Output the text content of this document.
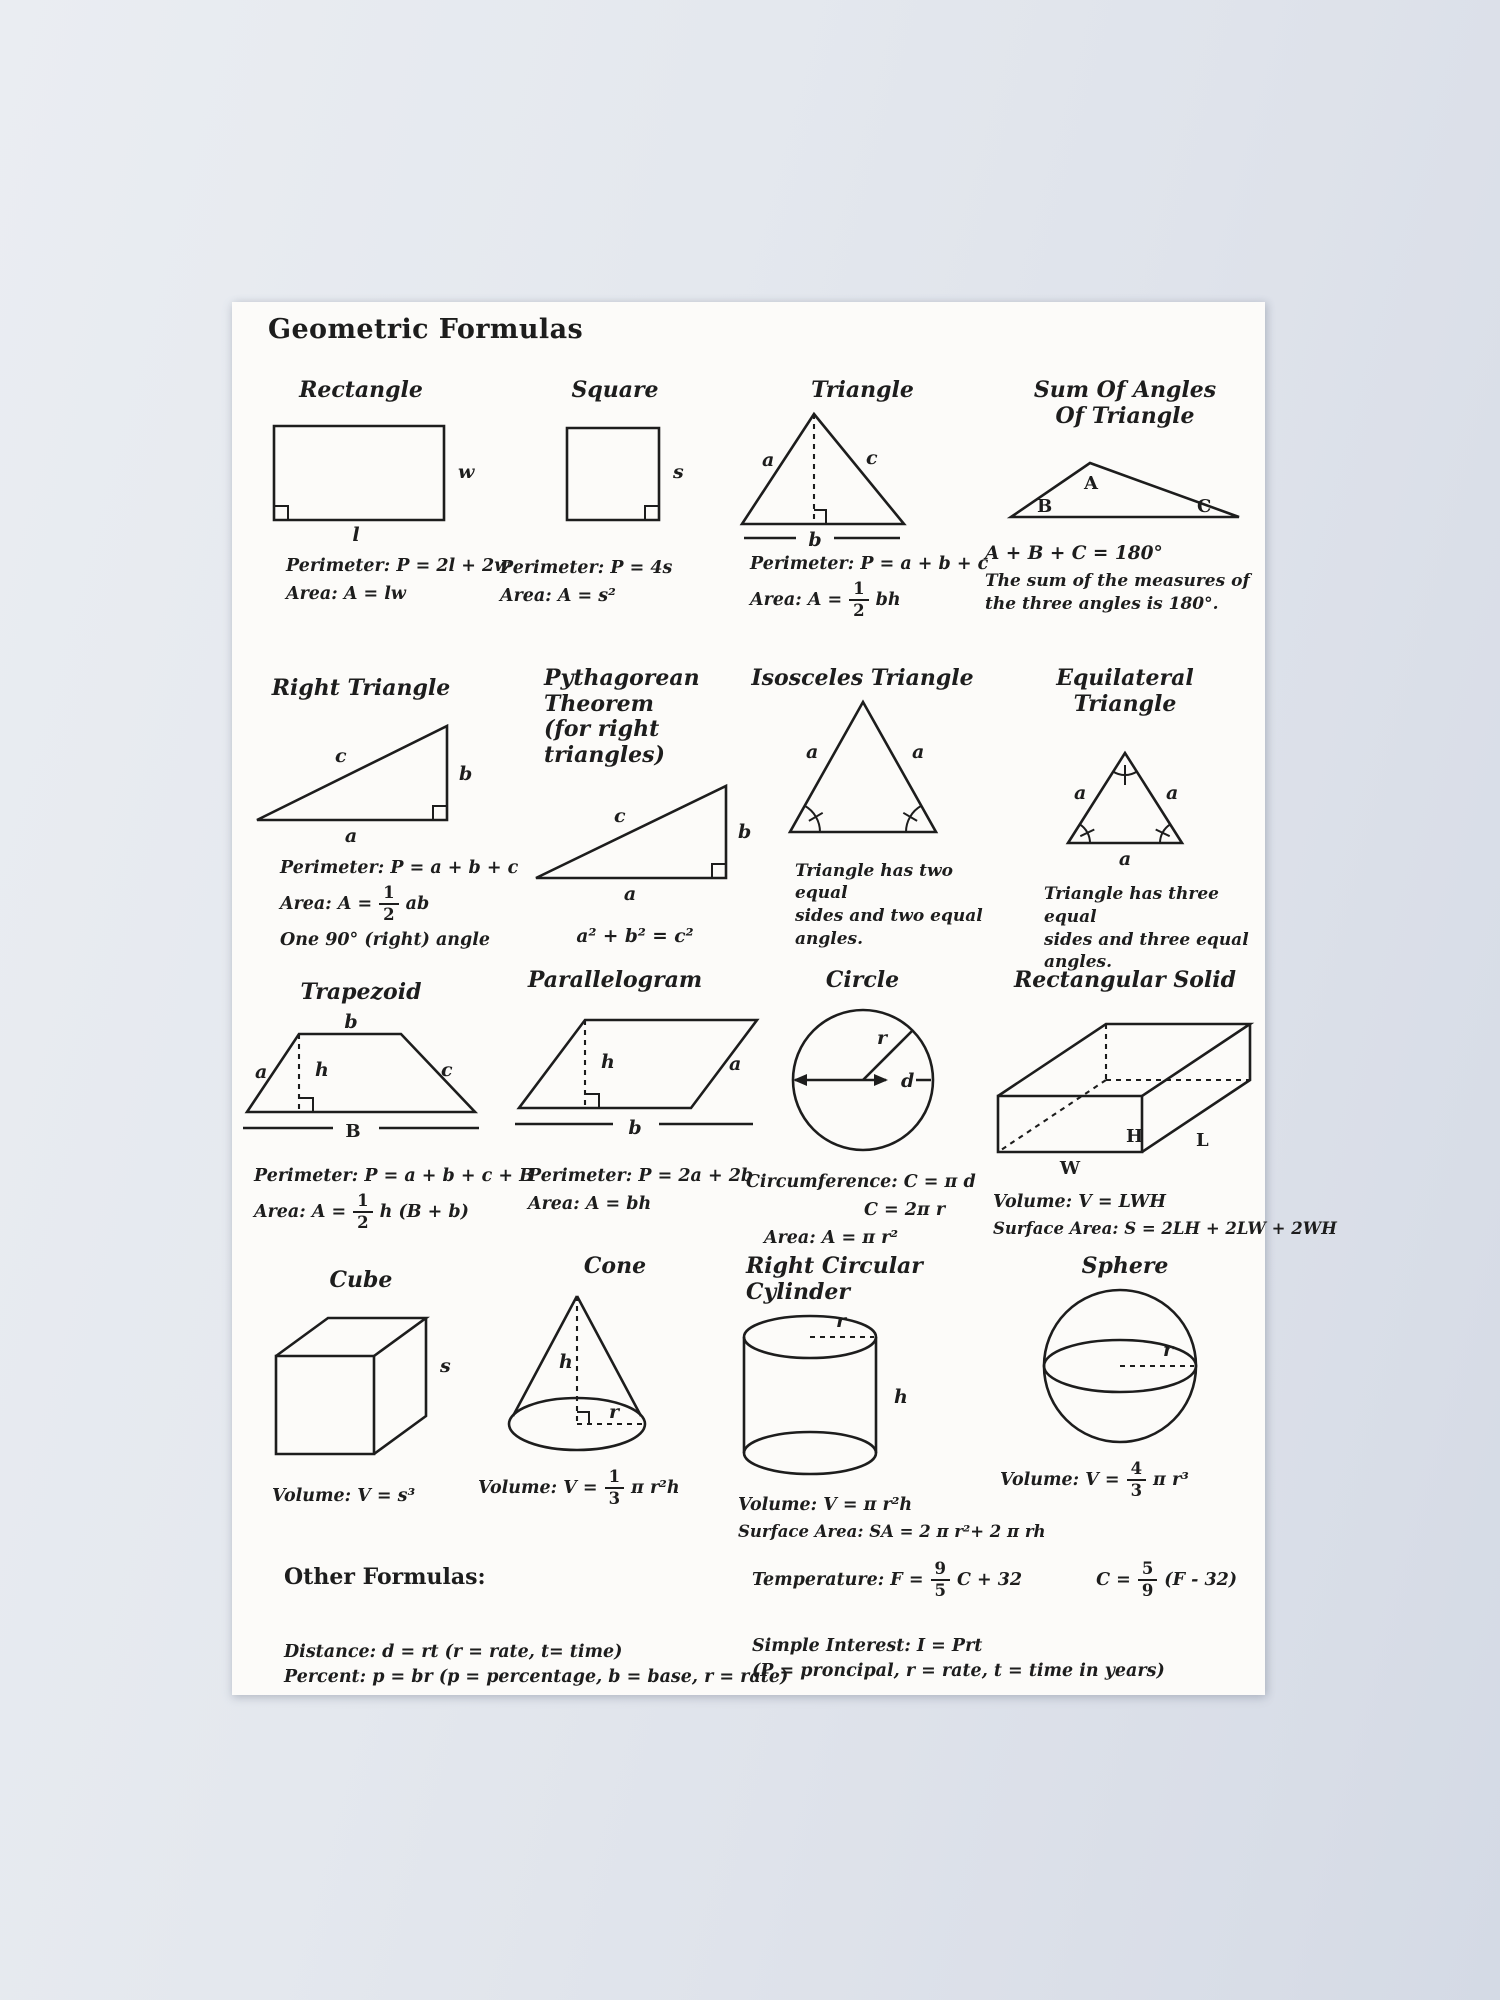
Geometric Formulas
Rectangle
w
l
Perimeter: P = 2l + 2w
Area: A = lw
Square
s
Perimeter: P = 4s
Area: A = s²
Triangle
a	c
b
Perimeter: P = a + b + c
Area: $A = \frac{1}{2}$ bh
Sum Of Angles
Of Triangle
A
B	C
A + B + C = 180°
The sum of the measures of
the three angles is 180°.
Right Triangle
c
b
a
Perimeter: P = a + b + c
Area: $A = \frac{1}{2}$ ab
One 90° (right) angle
Pythagorean
Theorem
(for right triangles)
c
b
a
a² + b² = c²
Isosceles Triangle
a	a
Triangle has two equal
sides and two equal
angles.
Equilateral
Triangle
a	a
a
Triangle has three equal
sides and three equal
angles.
Trapezoid
b
a	h	c
B
Perimeter: P = a + b + c + B
Area: $A = \frac{1}{2}$ h (B + b)
Parallelogram
h	a
b
Perimeter: P = 2a + 2b
Area: A = bh
Circle
r
d
Circumference: C = π d
C = 2π r
Area: A = π r²
Rectangular Solid
H	L
W
Volume: V = LWH
Surface Area: S = 2LH + 2LW + 2WH
Cube
s
Volume: V = s³
Cone
h
r
Volume: $V = \frac{1}{3}$ π r²h
Right Circular
Cylinder
r
h
Volume: V = π r²h
Surface Area: SA = 2 π r²+ 2 π rh
Sphere
r
Volume: $V = \frac{4}{3}$ π r³
Other Formulas:	Temperature: $F = \frac{9}{5}$ C + 32	$C = \frac{5}{9} (F - 32)$
Distance: d = rt (r = rate, t= time)
Percent: p = br (p = percentage, b = base, r = rate)
Simple Interest: I = Prt
(P = proncipal, r = rate, t = time in years)
